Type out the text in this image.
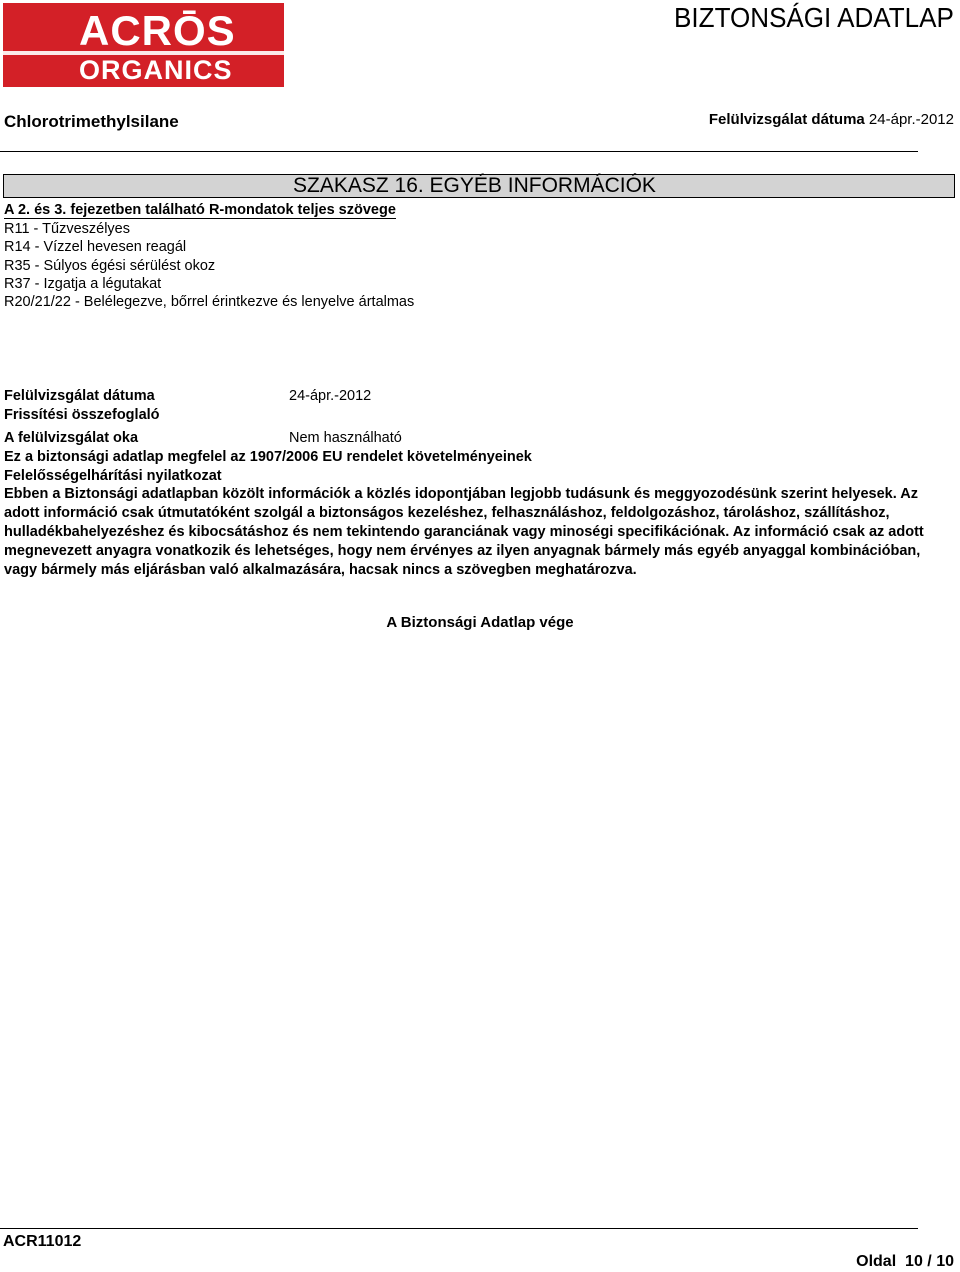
ACRŌS
ORGANICS
BIZTONSÁGI ADATLAP
Chlorotrimethylsilane	Felülvizsgálat dátuma 24-ápr.-2012
SZAKASZ 16. EGYÉB INFORMÁCIÓK
A 2. és 3. fejezetben található R-mondatok teljes szövege
R11 - Tűzveszélyes
R14 - Vízzel hevesen reagál
R35 - Súlyos égési sérülést okoz
R37 - Izgatja a légutakat
R20/21/22 - Belélegezve, bőrrel érintkezve és lenyelve ártalmas
Felülvizsgálat dátuma	24-ápr.-2012
Frissítési összefoglaló
A felülvizsgálat oka	Nem használható
Ez a biztonsági adatlap megfelel az 1907/2006 EU rendelet követelményeinek
Felelősségelhárítási nyilatkozat
Ebben a Biztonsági adatlapban közölt információk a közlés idopontjában legjobb tudásunk és meggyozodésünk szerint helyesek. Az adott információ csak útmutatóként szolgál a biztonságos kezeléshez, felhasználáshoz, feldolgozáshoz, tároláshoz, szállításhoz, hulladékbahelyezéshez és kibocsátáshoz és nem tekintendo garanciának vagy minoségi specifikációnak. Az információ csak az adott megnevezett anyagra vonatkozik és lehetséges, hogy nem érvényes az ilyen anyagnak bármely más egyéb anyaggal kombinációban, vagy bármely más eljárásban való alkalmazására, hacsak nincs a szövegben meghatározva.
A Biztonsági Adatlap vége
ACR11012
Oldal 10 / 10
